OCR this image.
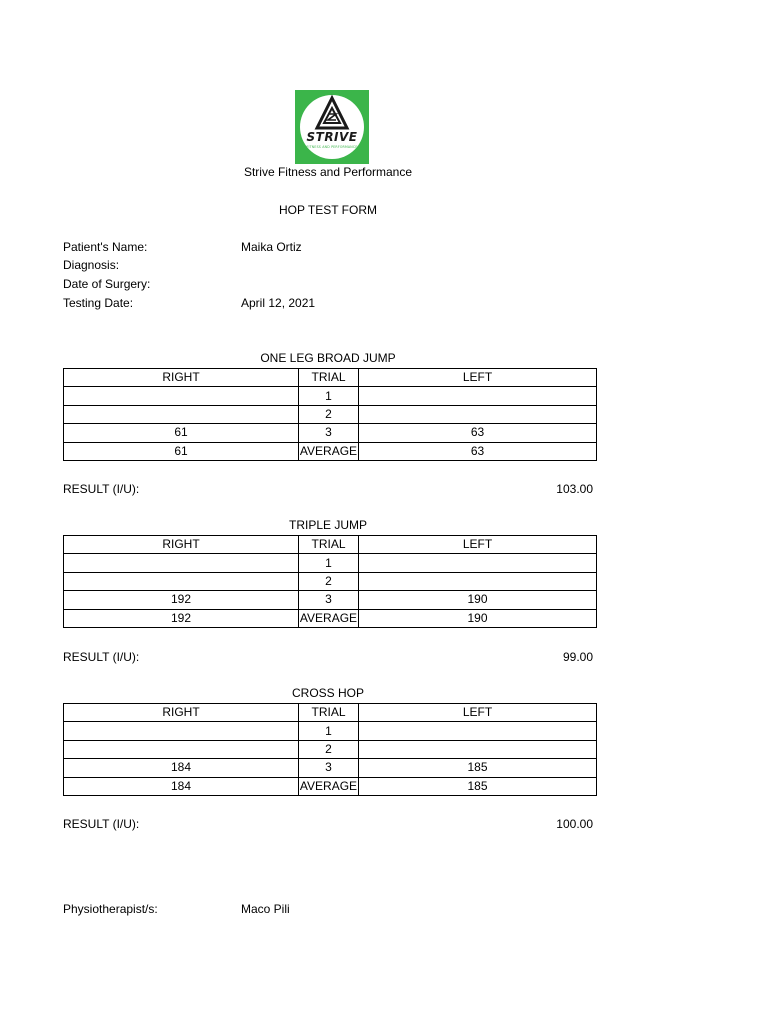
STRIVE
FITNESS AND PERFORMANCE
Strive Fitness and Performance
HOP TEST FORM
Patient's Name:	Maika Ortiz
Diagnosis:
Date of Surgery:
Testing Date:	April 12, 2021
ONE LEG BROAD JUMP
RIGHT	TRIAL	LEFT
	1	
	2	
61	3	63
61	AVERAGE	63
RESULT (I/U):	103.00
TRIPLE JUMP
RIGHT	TRIAL	LEFT
	1	
	2	
192	3	190
192	AVERAGE	190
RESULT (I/U):	99.00
CROSS HOP
RIGHT	TRIAL	LEFT
	1	
	2	
184	3	185
184	AVERAGE	185
RESULT (I/U):	100.00
Physiotherapist/s:	Maco Pili
